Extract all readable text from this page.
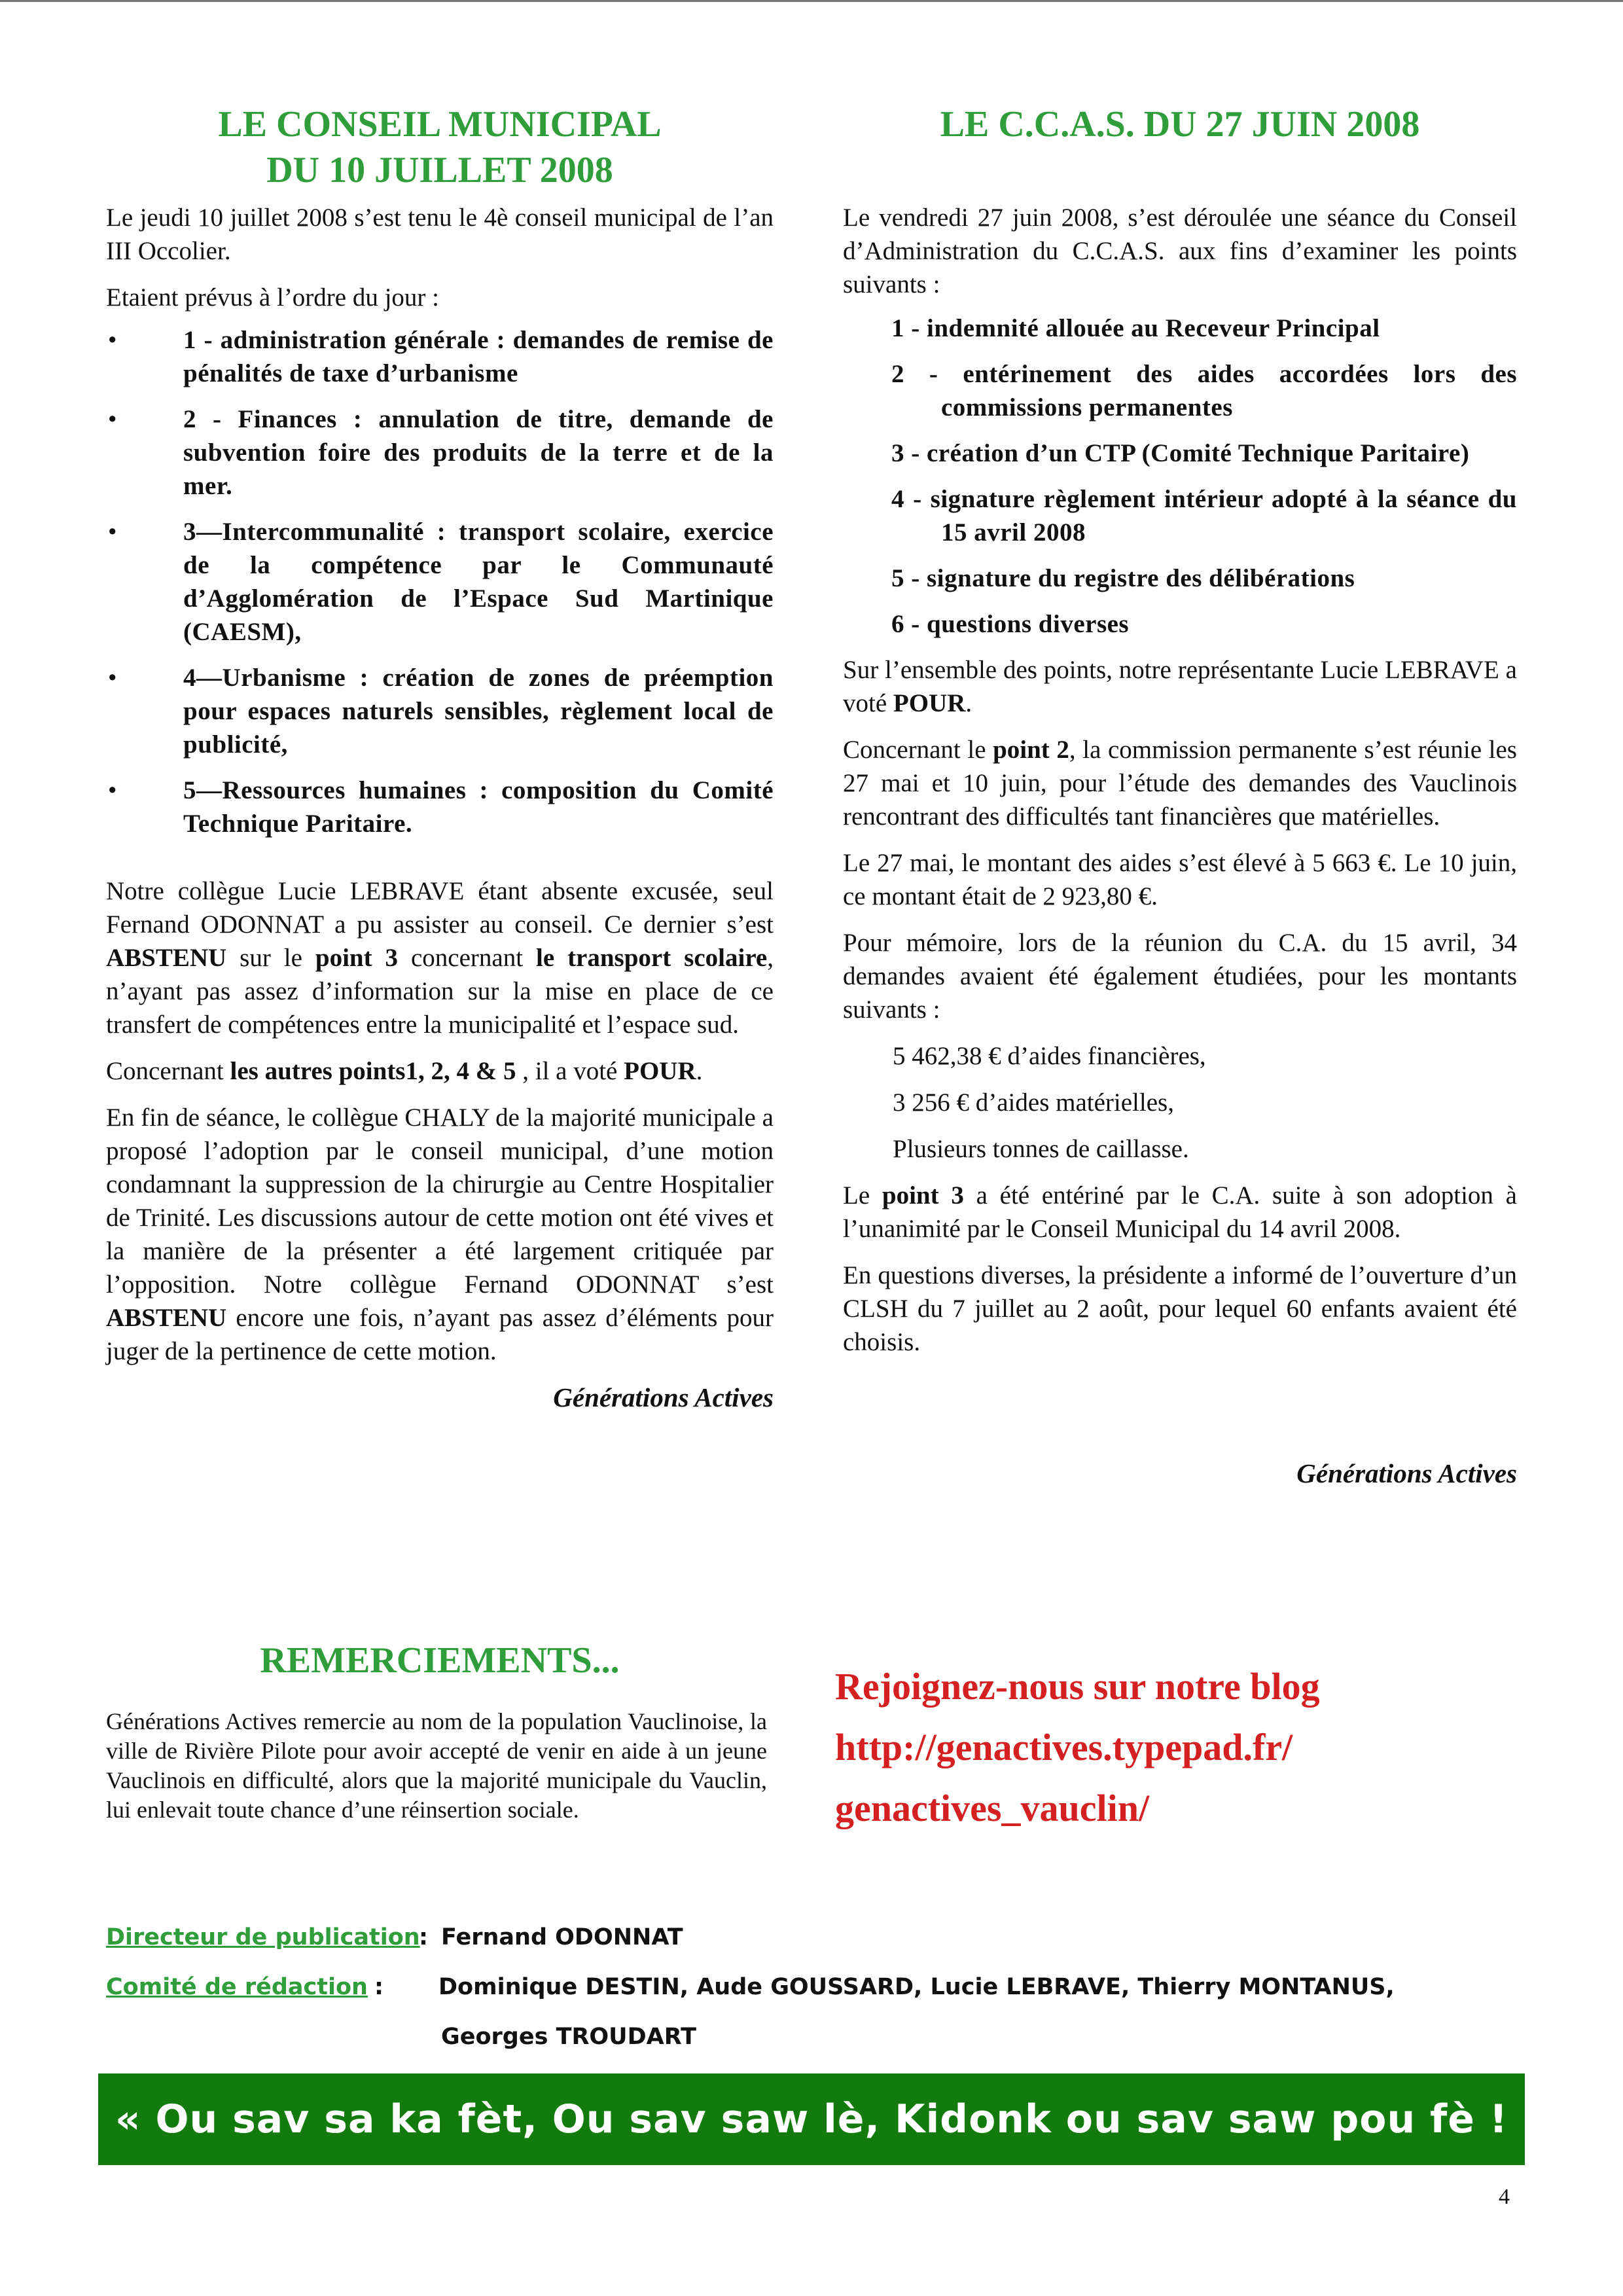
LE CONSEIL MUNICIPAL
DU 10 JUILLET 2008

Le jeudi 10 juillet 2008 s’est tenu le 4è conseil municipal de l’an III Occolier.

Etaient prévus à l’ordre du jour :

•	1 - administration générale : demandes de remise de pénalités de taxe d’urbanisme
•	2 - Finances : annulation de titre, demande de subvention foire des produits de la terre et de la mer.
•	3—Intercommunalité : transport scolaire, exercice de la compétence par le Communauté d’Agglomération de l’Espace Sud Martinique (CAESM),
•	4—Urbanisme : création de zones de préemption pour espaces naturels sensibles, règlement local de publicité,
•	5—Ressources humaines : composition du Comité Technique Paritaire.

Notre collègue Lucie LEBRAVE étant absente excusée, seul Fernand ODONNAT a pu assister au conseil. Ce dernier s’est ABSTENU sur le point 3 concernant le transport scolaire, n’ayant pas assez d’information sur la mise en place de ce transfert de compétences entre la municipalité et l’espace sud.

Concernant les autres points1, 2, 4 & 5 , il a voté POUR.

En fin de séance, le collègue CHALY de la majorité municipale a proposé l’adoption par le conseil municipal, d’une motion condamnant la suppression de la chirurgie au Centre Hospitalier de Trinité. Les discussions autour de cette motion ont été vives et la manière de la présenter a été largement critiquée par l’opposition. Notre collègue Fernand ODONNAT s’est ABSTENU encore une fois, n’ayant pas assez d’éléments pour juger de la pertinence de cette motion.

Générations Actives
LE C.C.A.S. DU 27 JUIN 2008

Le vendredi 27 juin 2008, s’est déroulée une séance du Conseil d’Administration du C.C.A.S. aux fins d’examiner les points suivants :

1 - indemnité allouée au Receveur Principal
2 - entérinement des aides accordées lors des commissions permanentes
3 - création d’un CTP (Comité Technique Paritaire)
4 - signature règlement intérieur adopté à la séance du 15 avril 2008
5 - signature du registre des délibérations
6 - questions diverses

Sur l’ensemble des points, notre représentante Lucie LEBRAVE a voté POUR.

Concernant le point 2, la commission permanente s’est réunie les 27 mai et 10 juin, pour l’étude des demandes des Vauclinois rencontrant des difficultés tant financières que matérielles.

Le 27 mai, le montant des aides s’est élevé à 5 663 €. Le 10 juin, ce montant était de 2 923,80 €.

Pour mémoire, lors de la réunion du C.A. du 15 avril, 34 demandes avaient été également étudiées, pour les montants suivants :

5 462,38 € d’aides financières,

3 256 € d’aides matérielles,

Plusieurs tonnes de caillasse.

Le point 3 a été entériné par le C.A. suite à son adoption à l’unanimité par le Conseil Municipal du 14 avril 2008.

En questions diverses, la présidente a informé de l’ouverture d’un CLSH du 7 juillet au 2 août, pour lequel 60 enfants avaient été choisis.

Générations Actives
REMERCIEMENTS...
Générations Actives remercie au nom de la population Vauclinoise, la ville de Rivière Pilote pour avoir accepté de venir en aide à un jeune Vauclinois en difficulté, alors que la majorité municipale du Vauclin, lui enlevait toute chance d’une réinsertion sociale.
Rejoignez-nous sur notre blog
http://genactives.typepad.fr/
genactives_vauclin/
Directeur de publication
: Fernand ODONNAT
Comité de rédaction : Dominique DESTIN, Aude GOUSSARD, Lucie LEBRAVE, Thierry MONTANUS,
Georges TROUDART
« Ou sav sa ka fèt, Ou sav saw lè, Kidonk ou sav saw pou fè ! »	4
